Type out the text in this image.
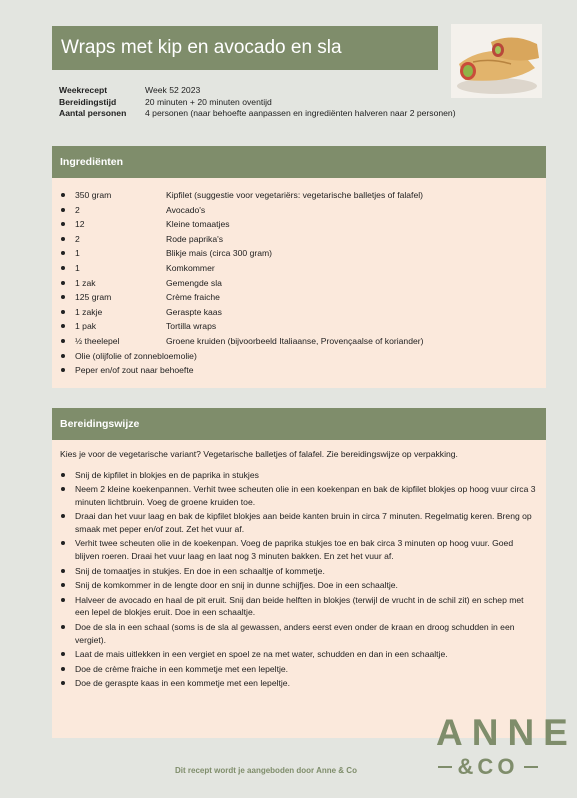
Wraps met kip en avocado en sla
Weekrecept	Week 52 2023
Bereidingstijd	20 minuten + 20 minuten oventijd
Aantal personen	4 personen (naar behoefte aanpassen en ingrediënten halveren naar 2 personen)
Ingrediënten
350 gram	Kipfilet (suggestie voor vegetariërs: vegetarische balletjes of falafel)
2	Avocado's
12	Kleine tomaatjes
2	Rode paprika's
1	Blikje mais (circa 300 gram)
1	Komkommer
1 zak	Gemengde sla
125 gram	Crème fraiche
1 zakje	Geraspte kaas
1 pak	Tortilla wraps
½ theelepel	Groene kruiden (bijvoorbeeld Italiaanse, Provençaalse of koriander)
Olie (olijfolie of zonnebloemolie)
Peper en/of zout naar behoefte
Bereidingswijze

Kies je voor de vegetarische variant? Vegetarische balletjes of falafel. Zie bereidingswijze op verpakking.

Snij de kipfilet in blokjes en de paprika in stukjes
Neem 2 kleine koekenpannen. Verhit twee scheuten olie in een koekenpan en bak de kipfilet blokjes op hoog vuur circa 3 minuten lichtbruin. Voeg de groene kruiden toe.
Draai dan het vuur laag en bak de kipfilet blokjes aan beide kanten bruin in circa 7 minuten. Regelmatig keren. Breng op smaak met peper en/of zout. Zet het vuur af.
Verhit twee scheuten olie in de koekenpan. Voeg de paprika stukjes toe en bak circa 3 minuten op hoog vuur. Goed blijven roeren. Draai het vuur laag en laat nog 3 minuten bakken. En zet het vuur af.
Snij de tomaatjes in stukjes. En doe in een schaaltje of kommetje.
Snij de komkommer in de lengte door en snij in dunne schijfjes. Doe in een schaaltje.
Halveer de avocado en haal de pit eruit. Snij dan beide helften in blokjes (terwijl de vrucht in de schil zit) en schep met een lepel de blokjes eruit. Doe in een schaaltje.
Doe de sla in een schaal (soms is de sla al gewassen, anders eerst even onder de kraan en droog schudden in een vergiet).
Laat de mais uitlekken in een vergiet en spoel ze na met water, schudden en dan in een schaaltje.
Doe de crème fraiche in een kommetje met een lepeltje.
Doe de geraspte kaas in een kommetje met een lepeltje.
ANNE
&CO
Dit recept wordt je aangeboden door Anne & Co
